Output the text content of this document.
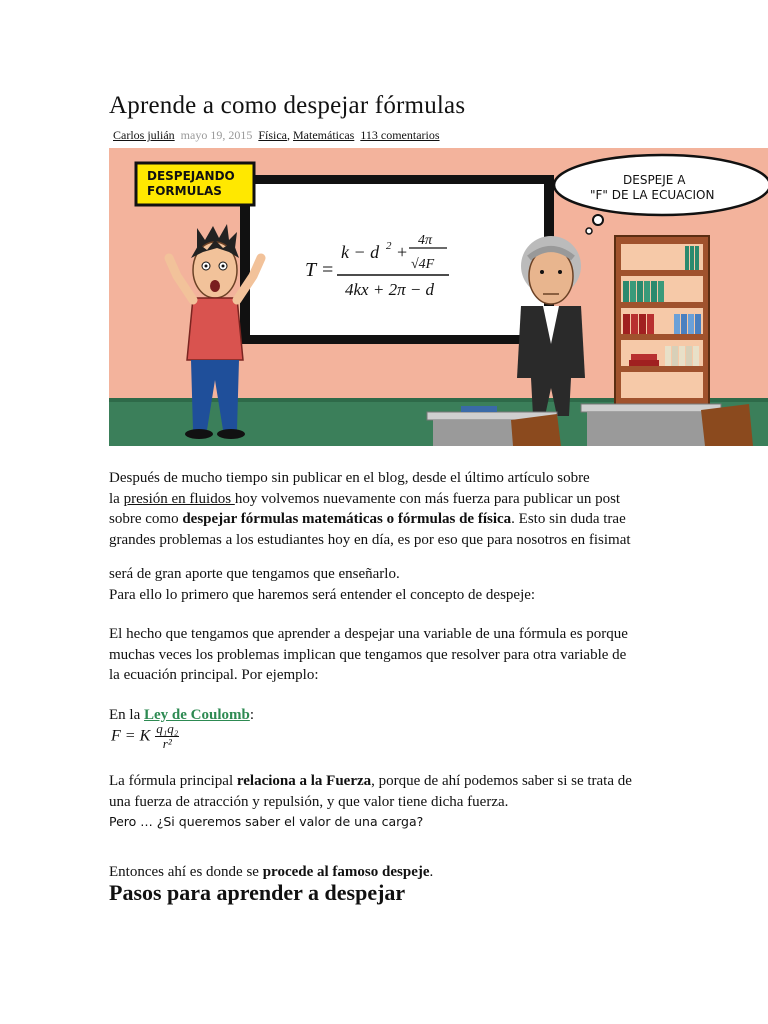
Aprende a como despejar fórmulas
Carlos julián mayo 19, 2015 Física, Matemáticas 113 comentarios
T =
k − d 2 +
4π
√4F
4kx + 2π − d
DESPEJANDO
FORMULAS
DESPEJE A
"F" DE LA ECUACION
Después de mucho tiempo sin publicar en el blog, desde el último artículo sobre
la presión en fluidos hoy volvemos nuevamente con más fuerza para publicar un post
sobre como despejar fórmulas matemáticas o fórmulas de física. Esto sin duda trae
grandes problemas a los estudiantes hoy en día, es por eso que para nosotros en fisimat
será de gran aporte que tengamos que enseñarlo.
Para ello lo primero que haremos será entender el concepto de despeje:
El hecho que tengamos que aprender a despejar una variable de una fórmula es porque
muchas veces los problemas implican que tengamos que resolver para otra variable de
la ecuación principal. Por ejemplo:
En la Ley de Coulomb:
F = K $\frac{\text{q₁q₂}}{\text{r²}}$
La fórmula principal relaciona a la Fuerza, porque de ahí podemos saber si se trata de
una fuerza de atracción y repulsión, y que valor tiene dicha fuerza.
Pero … ¿Si queremos saber el valor de una carga?
Entonces ahí es donde se procede al famoso despeje.
Pasos para aprender a despejar
